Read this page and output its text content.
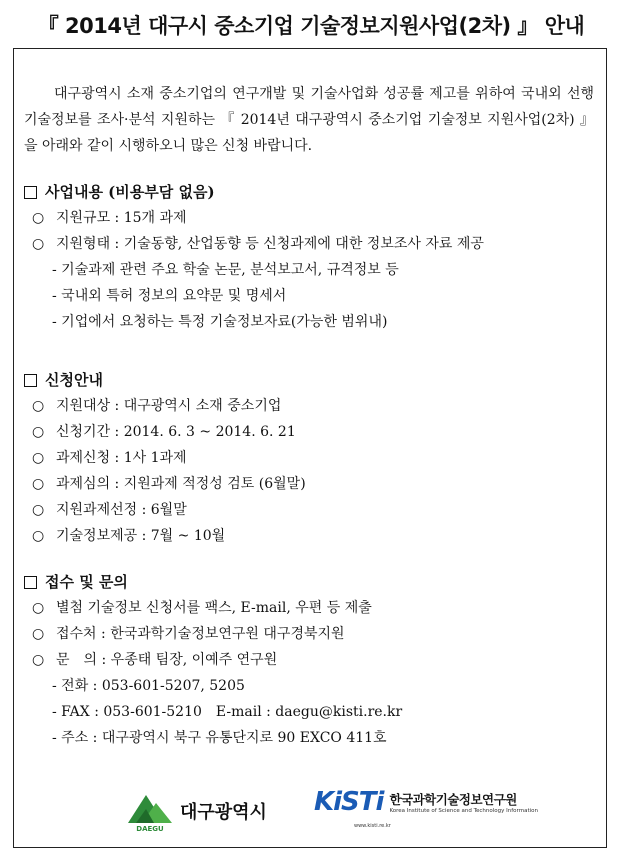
『 2014년 대구시 중소기업 기술정보지원사업(2차) 』 안내

대구광역시 소재 중소기업의 연구개발 및 기술사업화 성공률 제고를 위하여 국내외 선행기술정보를 조사·분석 지원하는 『 2014년 대구광역시 중소기업 기술정보 지원사업(2차) 』을 아래와 같이 시행하오니 많은 신청 바랍니다.

사업내용 (비용부담 없음)
○ 지원규모 : 15개 과제
○ 지원형태 : 기술동향, 산업동향 등 신청과제에 대한 정보조사 자료 제공
- 기술과제 관련 주요 학술 논문, 분석보고서, 규격정보 등
- 국내외 특허 정보의 요약문 및 명세서
- 기업에서 요청하는 특정 기술정보자료(가능한 범위내)
신청안내
○ 지원대상 : 대구광역시 소재 중소기업
○ 신청기간 : 2014. 6. 3 ~ 2014. 6. 21
○ 과제신청 : 1사 1과제
○ 과제심의 : 지원과제 적정성 검토 (6월말)
○ 지원과제선정 : 6월말
○ 기술정보제공 : 7월 ~ 10월
접수 및 문의
○ 별첨 기술정보 신청서를 팩스, E-mail, 우편 등 제출
○ 접수처 : 한국과학기술정보연구원 대구경북지원
○ 문　의 : 우종태 팀장, 이예주 연구원
- 전화 : 053-601-5207, 5205
- FAX : 053-601-5210　E-mail : daegu@kisti.re.kr
- 주소 : 대구광역시 북구 유통단지로 90 EXCO 411호
DAEGU
대구광역시 KiSTi 한국과학기술정보연구원
Korea Institute of Science and Technology Information
www.kisti.re.kr
